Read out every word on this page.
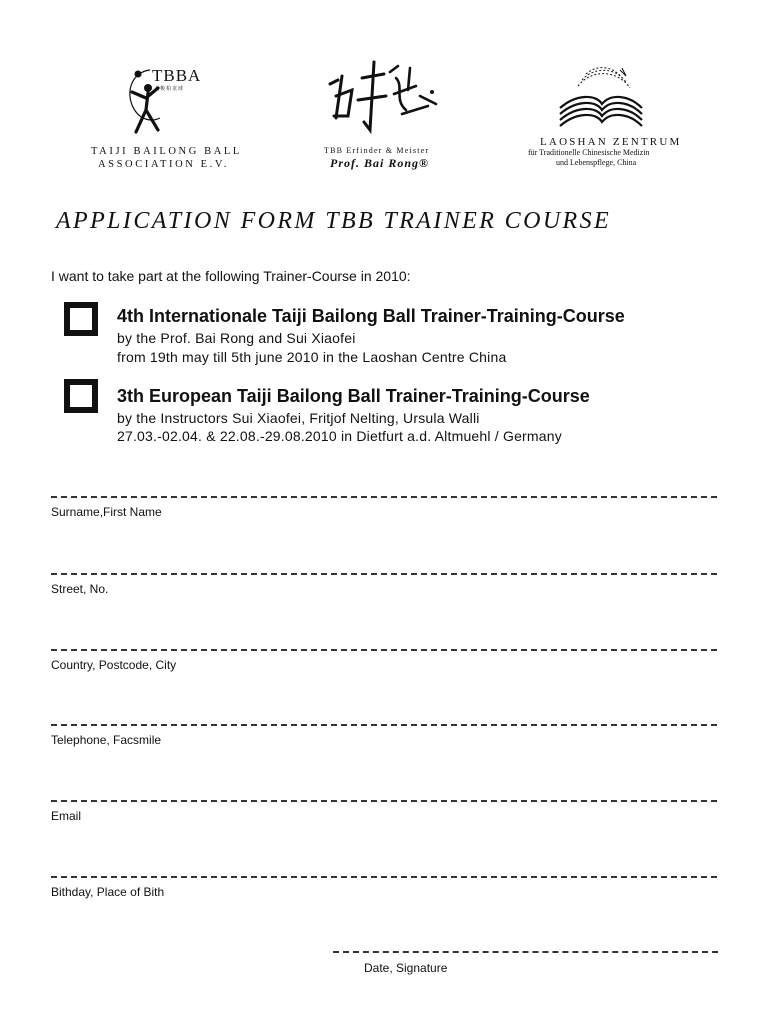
TBBA
太极柏龙球
TAIJI BAILONG BALL
ASSOCIATION E.V.
TBB Erfinder & Meister
Prof. Bai Rong®
LAOSHAN ZENTRUM
für Traditionelle Chinesische Medizin
und Lebenspflege, China
APPLICATION FORM TBB TRAINER COURSE
I want to take part at the following Trainer-Course in 2010:
4th Internationale Taiji Bailong Ball Trainer-Training-Course
by the Prof. Bai Rong and Sui Xiaofei
from 19th may till 5th june 2010 in the Laoshan Centre China
3th European Taiji Bailong Ball Trainer-Training-Course
by the Instructors Sui Xiaofei, Fritjof Nelting, Ursula Walli
27.03.-02.04. & 22.08.-29.08.2010 in Dietfurt a.d. Altmuehl / Germany
Surname,First Name
Street, No.
Country, Postcode, City
Telephone, Facsmile
Email
Bithday, Place of Bith
Date, Signature
